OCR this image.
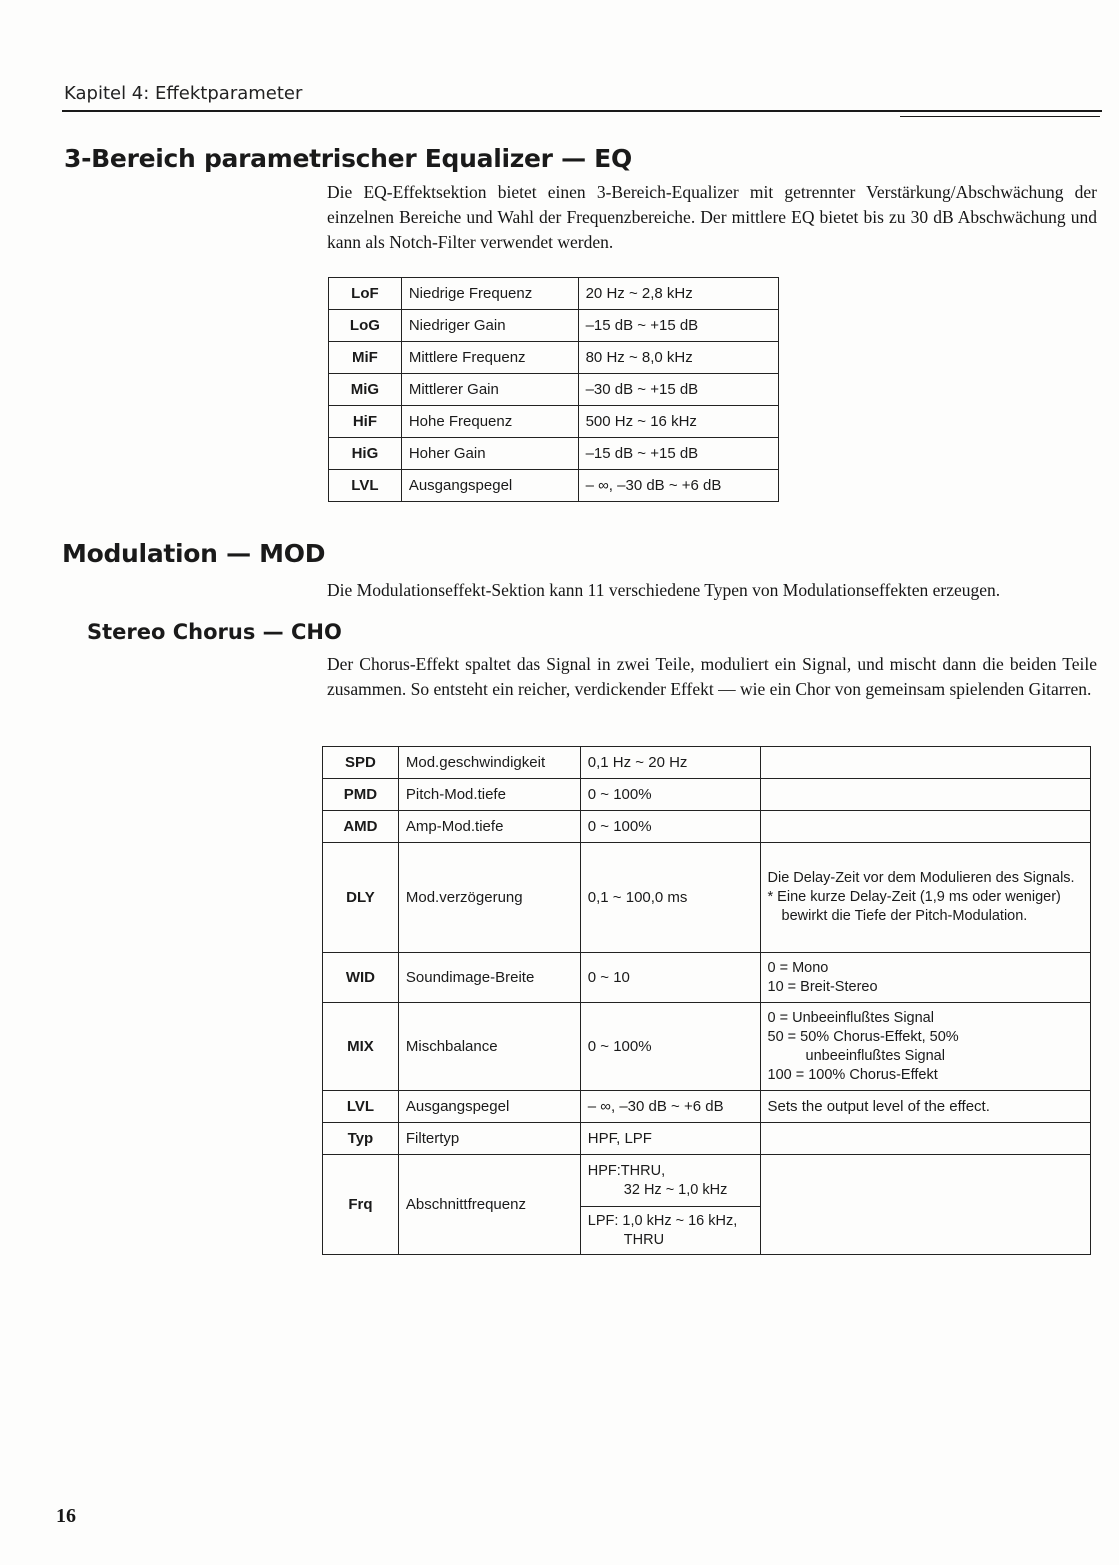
Kapitel 4: Effektparameter
3-Bereich parametrischer Equalizer — EQ
Die EQ-Effektsektion bietet einen 3-Bereich-Equalizer mit getrennter Verstärkung/Abschwächung der einzelnen Bereiche und Wahl der Frequenzbereiche. Der mittlere EQ bietet bis zu 30 dB Abschwächung und kann als Notch-Filter verwendet werden.
LoF	Niedrige Frequenz	20 Hz ~ 2,8 kHz
LoG	Niedriger Gain	–15 dB ~ +15 dB
MiF	Mittlere Frequenz	80 Hz ~ 8,0 kHz
MiG	Mittlerer Gain	–30 dB ~ +15 dB
HiF	Hohe Frequenz	500 Hz ~ 16 kHz
HiG	Hoher Gain	–15 dB ~ +15 dB
LVL	Ausgangspegel	– ∞, –30 dB ~ +6 dB
Modulation — MOD
Die Modulationseffekt-Sektion kann 11 verschiedene Typen von Modulationseffekten erzeugen.
Stereo Chorus — CHO
Der Chorus-Effekt spaltet das Signal in zwei Teile, moduliert ein Signal, und mischt dann die beiden Teile zusammen. So entsteht ein reicher, verdickender Effekt — wie ein Chor von gemeinsam spielenden Gitarren.
SPD	Mod.geschwindigkeit	0,1 Hz ~ 20 Hz	
PMD	Pitch-Mod.tiefe	0 ~ 100%	
AMD	Amp-Mod.tiefe	0 ~ 100%	
DLY	Mod.verzögerung	0,1 ~ 100,0 ms	Die Delay-Zeit vor dem Modulieren des Signals.
* Eine kurze Delay-Zeit (1,9 ms oder weniger) bewirkt die Tiefe der Pitch-Modulation.

WID	Soundimage-Breite	0 ~ 10	0 = Mono
10 = Breit-Stereo

MIX	Mischbalance	0 ~ 100%	0 = Unbeeinflußtes Signal
50 = 50% Chorus-Effekt, 50%
unbeeinflußtes Signal
100 = 100% Chorus-Effekt

LVL	Ausgangspegel	– ∞, –30 dB ~ +6 dB	Sets the output level of the effect.
Typ	Filtertyp	HPF, LPF	
Frq	Abschnittfrequenz	HPF:THRU,
32 Hz ~ 1,0 kHz	

		LPF: 1,0 kHz ~ 16 kHz,
THRU	
16
